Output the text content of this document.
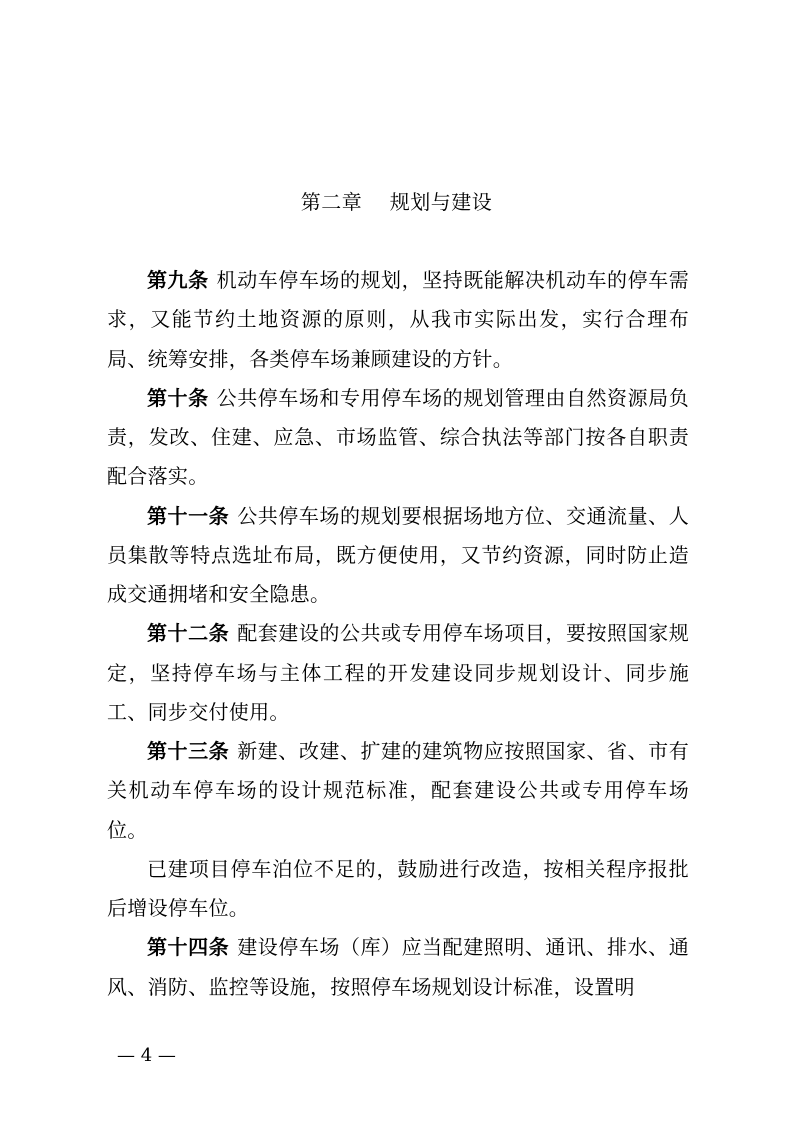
第二章    规划与建设

第九条 机动车停车场的规划，坚持既能解决机动车的停车需求，又能节约土地资源的原则，从我市实际出发，实行合理布局、统筹安排，各类停车场兼顾建设的方针。

第十条 公共停车场和专用停车场的规划管理由自然资源局负责，发改、住建、应急、市场监管、综合执法等部门按各自职责配合落实。

第十一条 公共停车场的规划要根据场地方位、交通流量、人员集散等特点选址布局，既方便使用，又节约资源，同时防止造成交通拥堵和安全隐患。

第十二条 配套建设的公共或专用停车场项目，要按照国家规定，坚持停车场与主体工程的开发建设同步规划设计、同步施工、同步交付使用。

第十三条 新建、改建、扩建的建筑物应按照国家、省、市有关机动车停车场的设计规范标准，配套建设公共或专用停车场位。

已建项目停车泊位不足的，鼓励进行改造，按相关程序报批后增设停车位。

第十四条 建设停车场（库）应当配建照明、通讯、排水、通风、消防、监控等设施，按照停车场规划设计标准，设置明

— 4 —
